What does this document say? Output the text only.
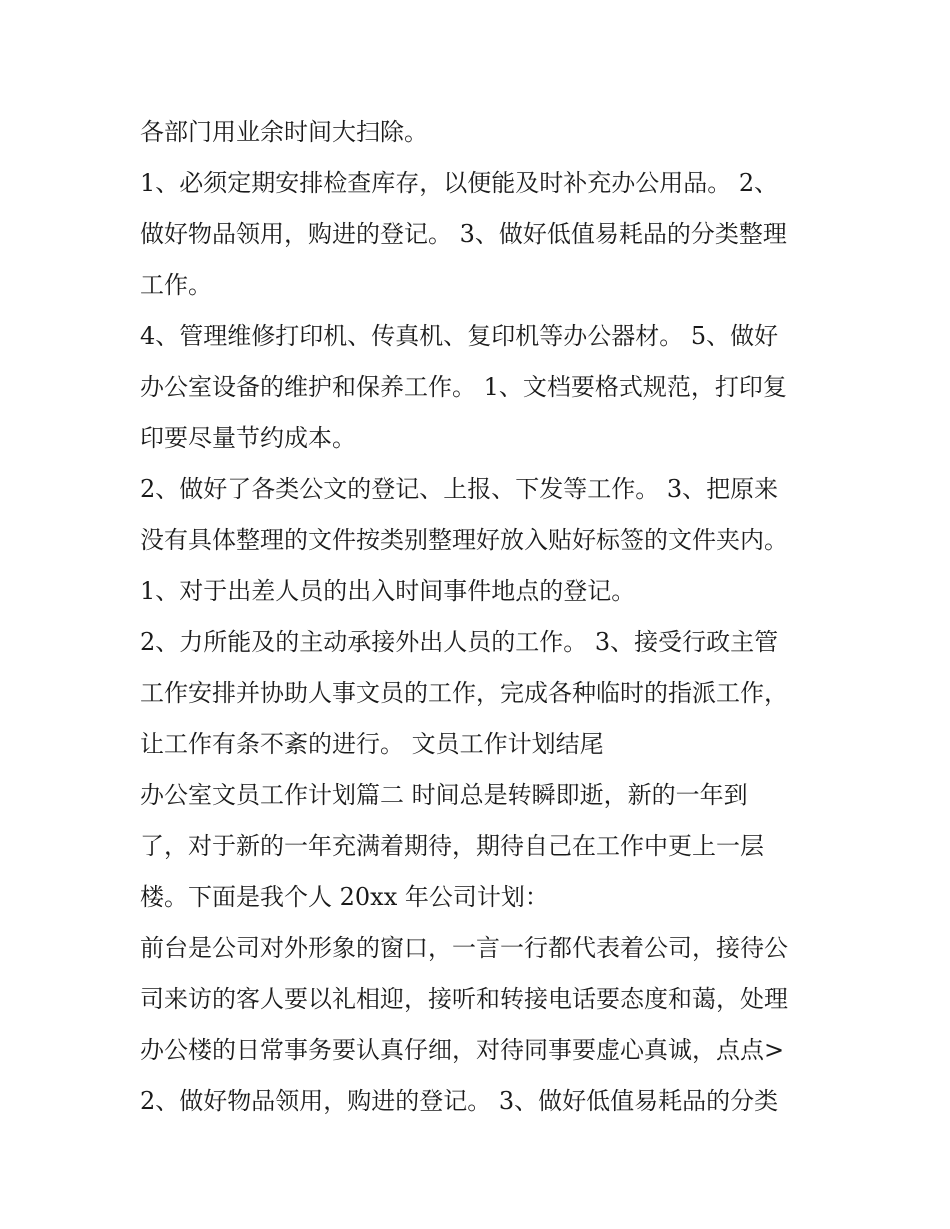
各部门用业余时间大扫除。
1、必须定期安排检查库存，以便能及时补充办公用品。 2、
做好物品领用，购进的登记。 3、做好低值易耗品的分类整理
工作。
4、管理维修打印机、传真机、复印机等办公器材。 5、做好
办公室设备的维护和保养工作。 1、文档要格式规范，打印复
印要尽量节约成本。
2、做好了各类公文的登记、上报、下发等工作。 3、把原来
没有具体整理的文件按类别整理好放入贴好标签的文件夹内。
1、对于出差人员的出入时间事件地点的登记。
2、力所能及的主动承接外出人员的工作。 3、接受行政主管
工作安排并协助人事文员的工作，完成各种临时的指派工作，
让工作有条不紊的进行。 文员工作计划结尾
办公室文员工作计划篇二 时间总是转瞬即逝，新的一年到
了，对于新的一年充满着期待，期待自己在工作中更上一层
楼。下面是我个人 20xx 年公司计划：
前台是公司对外形象的窗口，一言一行都代表着公司，接待公
司来访的客人要以礼相迎，接听和转接电话要态度和蔼，处理
办公楼的日常事务要认真仔细，对待同事要虚心真诚，点点>
2、做好物品领用，购进的登记。 3、做好低值易耗品的分类
